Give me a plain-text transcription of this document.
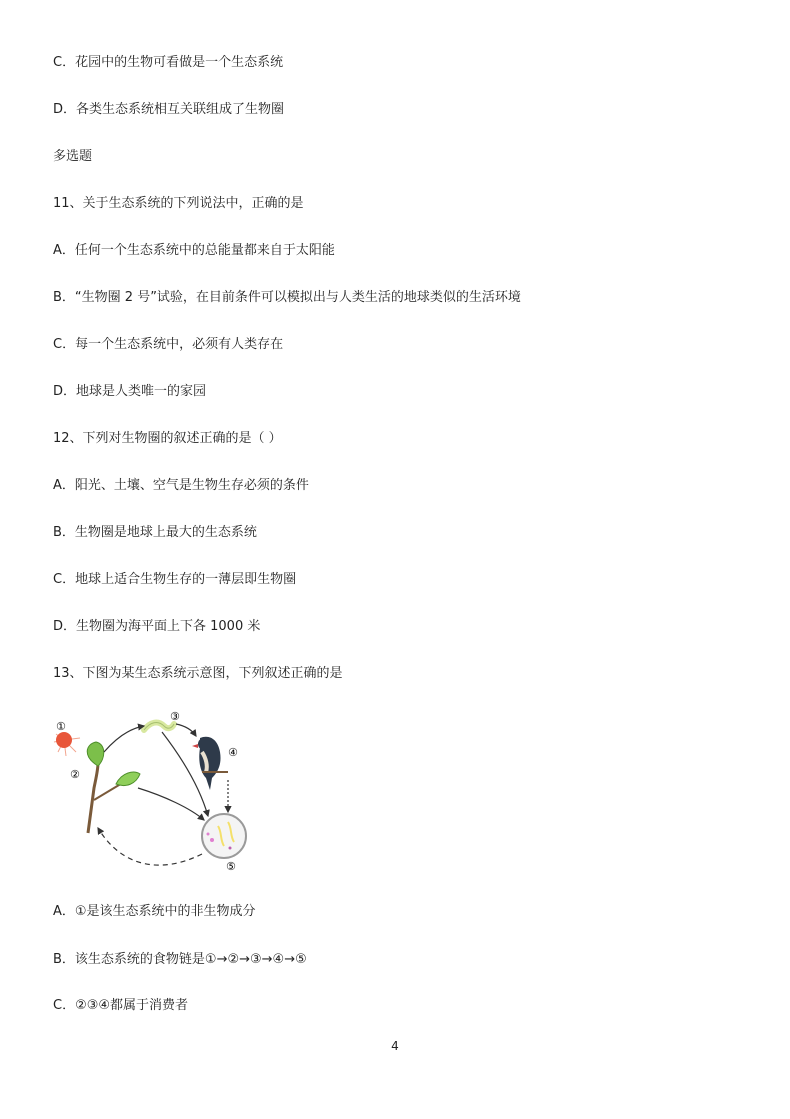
C．花园中的生物可看做是一个生态系统
D．各类生态系统相互关联组成了生物圈
多选题
11、关于生态系统的下列说法中，正确的是
A．任何一个生态系统中的总能量都来自于太阳能
B．“生物圈 2 号”试验，在目前条件可以模拟出与人类生活的地球类似的生活环境
C．每一个生态系统中，必须有人类存在
D．地球是人类唯一的家园
12、下列对生物圈的叙述正确的是（ ）
A．阳光、土壤、空气是生物生存必须的条件
B．生物圈是地球上最大的生态系统
C．地球上适合生物生存的一薄层即生物圈
D．生物圈为海平面上下各 1000 米
13、下图为某生态系统示意图，下列叙述正确的是
①
②
③
④
⑤
A．①是该生态系统中的非生物成分
B．该生态系统的食物链是①→②→③→④→⑤
C．②③④都属于消费者
4
